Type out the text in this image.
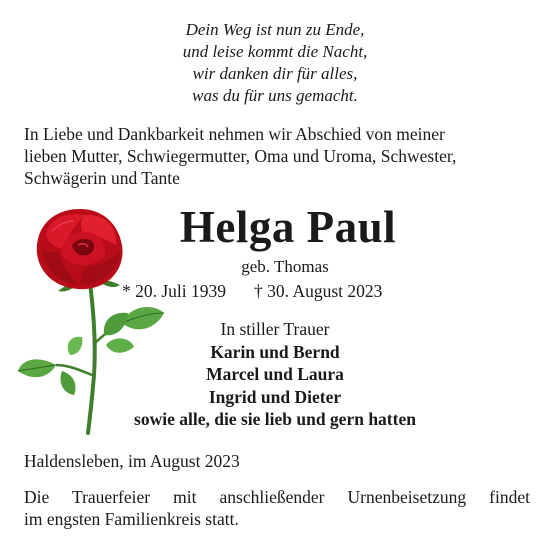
Dein Weg ist nun zu Ende,
und leise kommt die Nacht,
wir danken dir für alles,
was du für uns gemacht.
In Liebe und Dankbarkeit nehmen wir Abschied von meiner
lieben Mutter, Schwiegermutter, Oma und Uroma, Schwester,
Schwägerin und Tante
Helga Paul
geb. Thomas
* 20. Juli 1939 † 30. August 2023
In stiller Trauer
Karin und Bernd
Marcel und Laura
Ingrid und Dieter
sowie alle, die sie lieb und gern hatten
Haldensleben, im August 2023
Die Trauerfeier mit anschließender Urnenbeisetzung findet
im engsten Familienkreis statt.
